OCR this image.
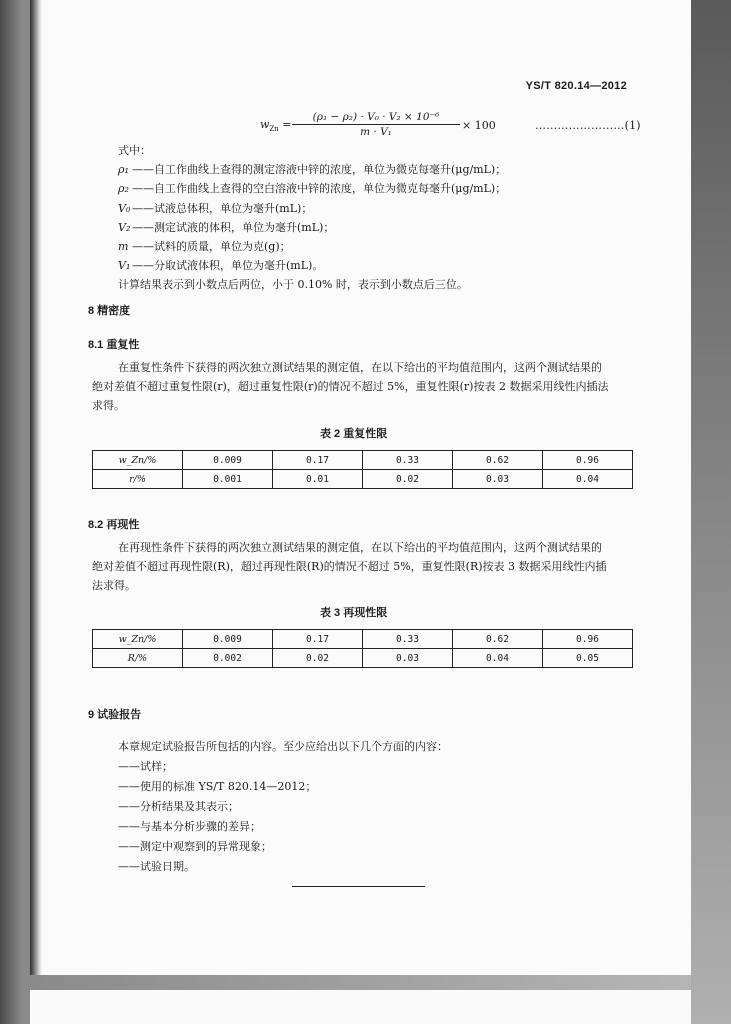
YS/T 820.14—2012
$w_{Zn} = \frac{\text{(ρ₁ − ρ₂) · V₀ · V₂ × 10⁻⁶}}{\text{m · V₁}} \times 100$	……………………(1)
式中：
ρ₁ ——自工作曲线上查得的测定溶液中锌的浓度，单位为微克每毫升(μg/mL)；
ρ₂ ——自工作曲线上查得的空白溶液中锌的浓度，单位为微克每毫升(μg/mL)；
V₀ ——试液总体积，单位为毫升(mL)；
V₂ ——测定试液的体积，单位为毫升(mL)；
m ——试料的质量，单位为克(g)；
V₁ ——分取试液体积，单位为毫升(mL)。
计算结果表示到小数点后两位，小于 0.10% 时，表示到小数点后三位。
8 精密度
8.1 重复性
在重复性条件下获得的两次独立测试结果的测定值，在以下给出的平均值范围内，这两个测试结果的绝对差值不超过重复性限(r)，超过重复性限(r)的情况不超过 5%，重复性限(r)按表 2 数据采用线性内插法求得。
表 2 重复性限
w_Zn/%	0.009	0.17	0.33	0.62	0.96
r/%	0.001	0.01	0.02	0.03	0.04
8.2 再现性
在再现性条件下获得的两次独立测试结果的测定值，在以下给出的平均值范围内，这两个测试结果的绝对差值不超过再现性限(R)，超过再现性限(R)的情况不超过 5%，重复性限(R)按表 3 数据采用线性内插法求得。
表 3 再现性限
w_Zn/%	0.009	0.17	0.33	0.62	0.96
R/%	0.002	0.02	0.03	0.04	0.05
9 试验报告
本章规定试验报告所包括的内容。至少应给出以下几个方面的内容：
——试样；
——使用的标准 YS/T 820.14—2012；
——分析结果及其表示；
——与基本分析步骤的差异；
——测定中观察到的异常现象；
——试验日期。
